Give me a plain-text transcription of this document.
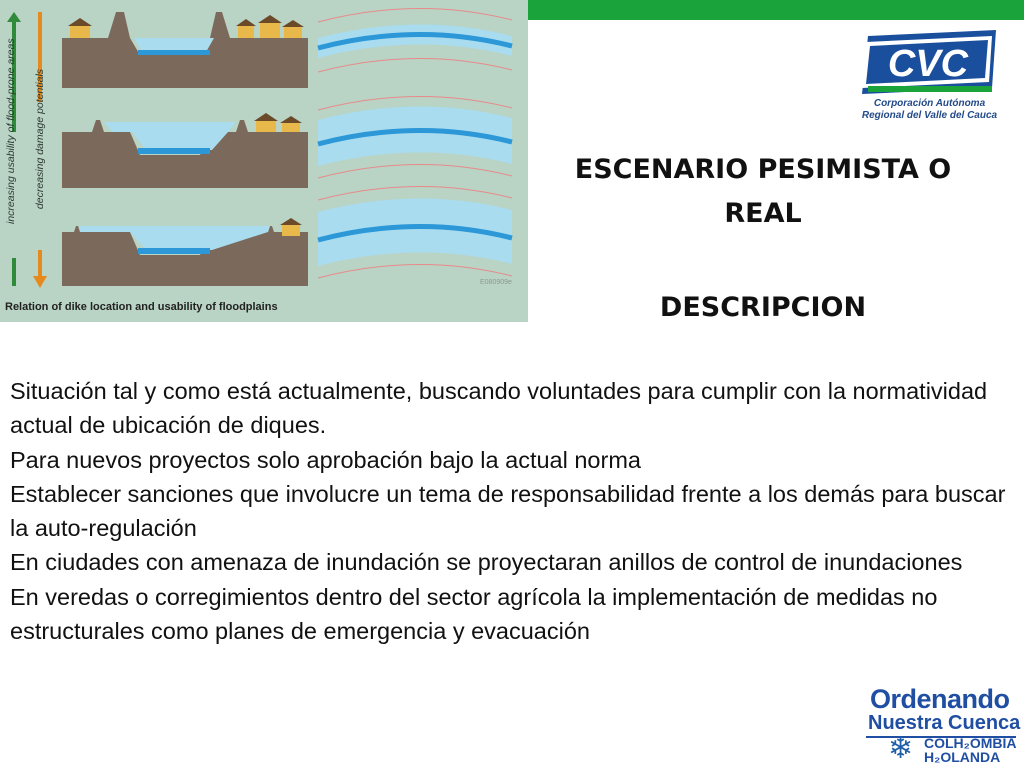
increasing usability of flood-prone areas decreasing damage potentials
E080909e
Relation of dike location and usability of floodplains
CVC
Corporación Autónoma
Regional del Valle del Cauca
ESCENARIO PESIMISTA O
REAL
DESCRIPCION

Situación tal y como está actualmente, buscando voluntades para cumplir con la normatividad actual de ubicación de diques.

Para nuevos proyectos solo aprobación bajo la actual norma

Establecer sanciones que involucre un tema de responsabilidad frente a los demás para buscar la auto-regulación

En ciudades con amenaza de inundación se proyectaran anillos de control de inundaciones

En veredas o corregimientos dentro del sector agrícola la implementación de medidas no estructurales como planes de emergencia y evacuación

Ordenando
Nuestra Cuenca
❄ COLH₂OMBIA
H₂OLANDA
